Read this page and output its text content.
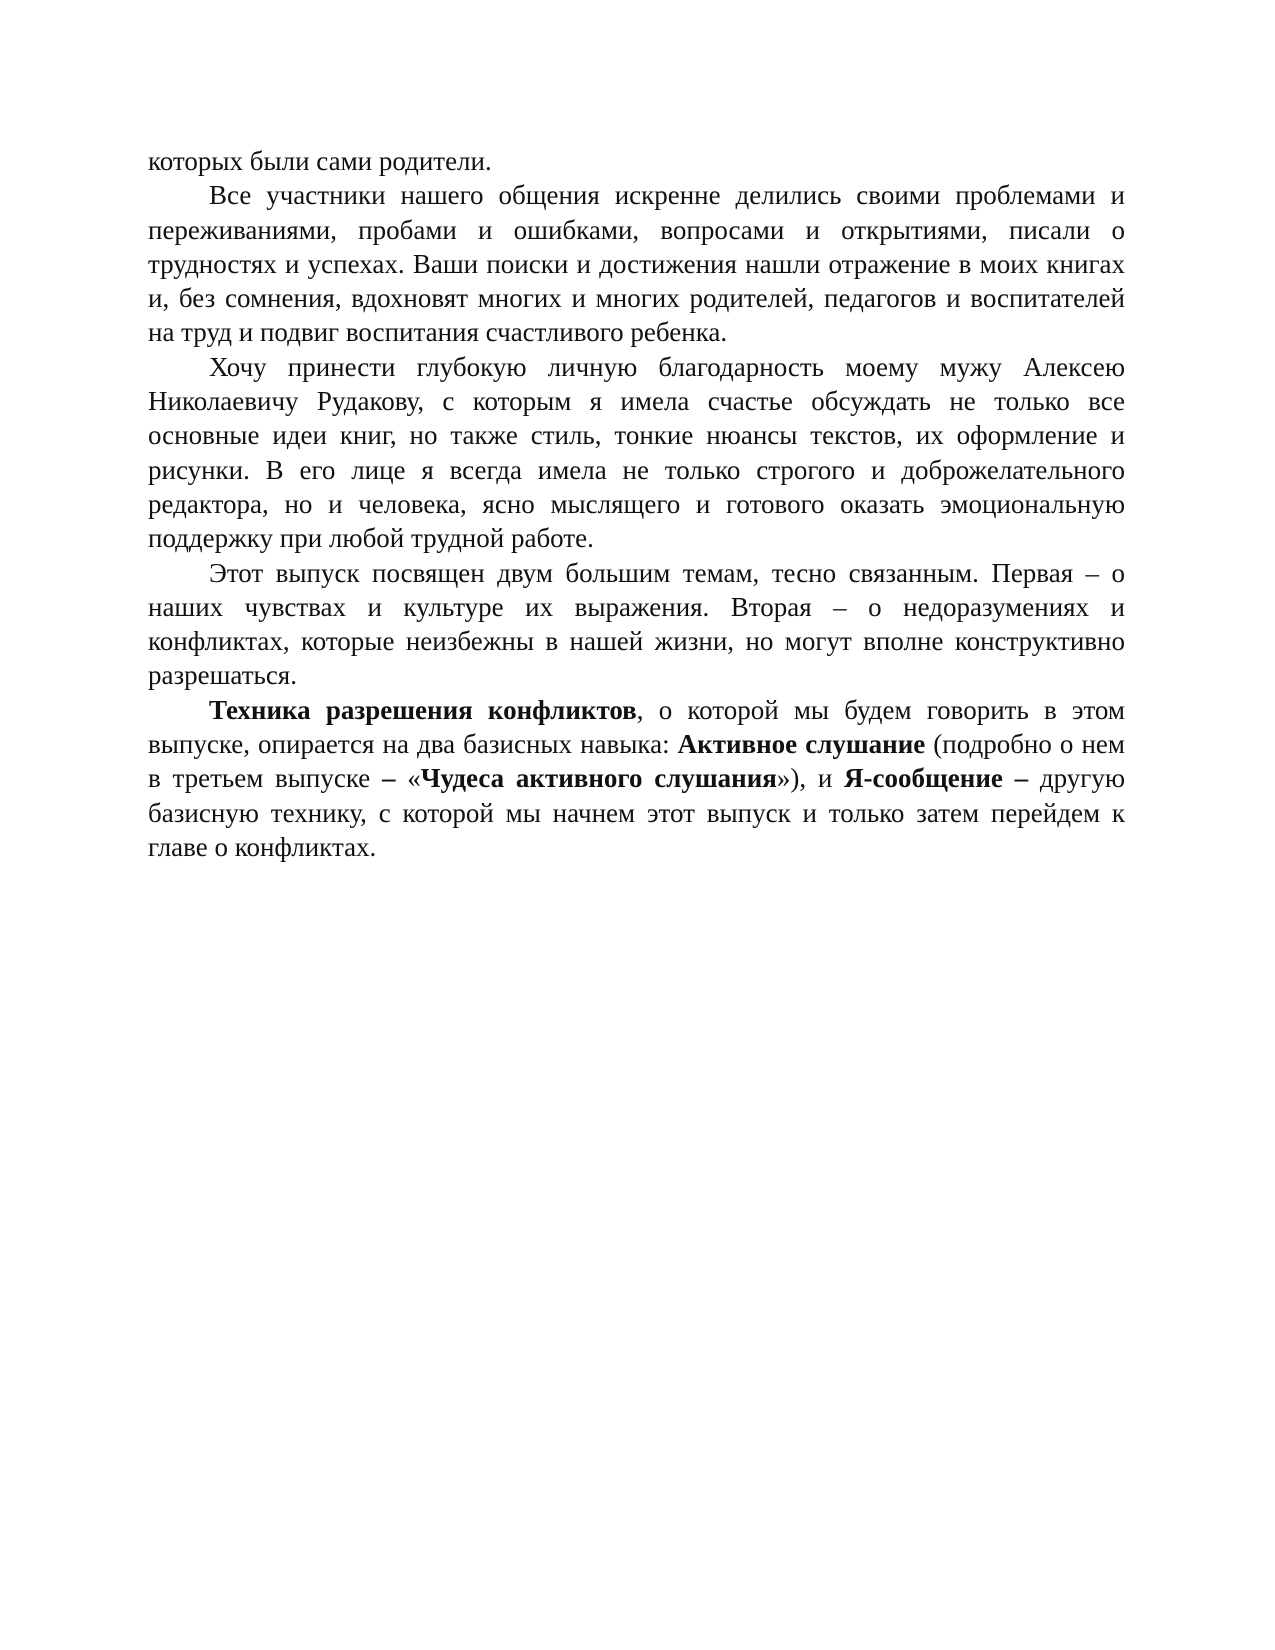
которых были сами родители.

Все участники нашего общения искренне делились своими проблемами и переживаниями, пробами и ошибками, вопросами и открытиями, писали о трудностях и успехах. Ваши поиски и достижения нашли отражение в моих книгах и, без сомнения, вдохновят многих и многих родителей, педагогов и воспитателей на труд и подвиг воспитания счастливого ребенка.

Хочу принести глубокую личную благодарность моему мужу Алексею Николаевичу Рудакову, с которым я имела счастье обсуждать не только все основные идеи книг, но также стиль, тонкие нюансы текстов, их оформление и рисунки. В его лице я всегда имела не только строгого и доброжелательного редактора, но и человека, ясно мыслящего и готового оказать эмоциональную поддержку при любой трудной работе.

Этот выпуск посвящен двум большим темам, тесно связанным. Первая – о наших чувствах и культуре их выражения. Вторая – о недоразумениях и конфликтах, которые неизбежны в нашей жизни, но могут вполне конструктивно разрешаться.

Техника разрешения конфликтов, о которой мы будем говорить в этом выпуске, опирается на два базисных навыка: Активное слушание (подробно о нем в третьем выпуске – «Чудеса активного слушания»), и Я-сообщение – другую базисную технику, с которой мы начнем этот выпуск и только затем перейдем к главе о конфликтах.
